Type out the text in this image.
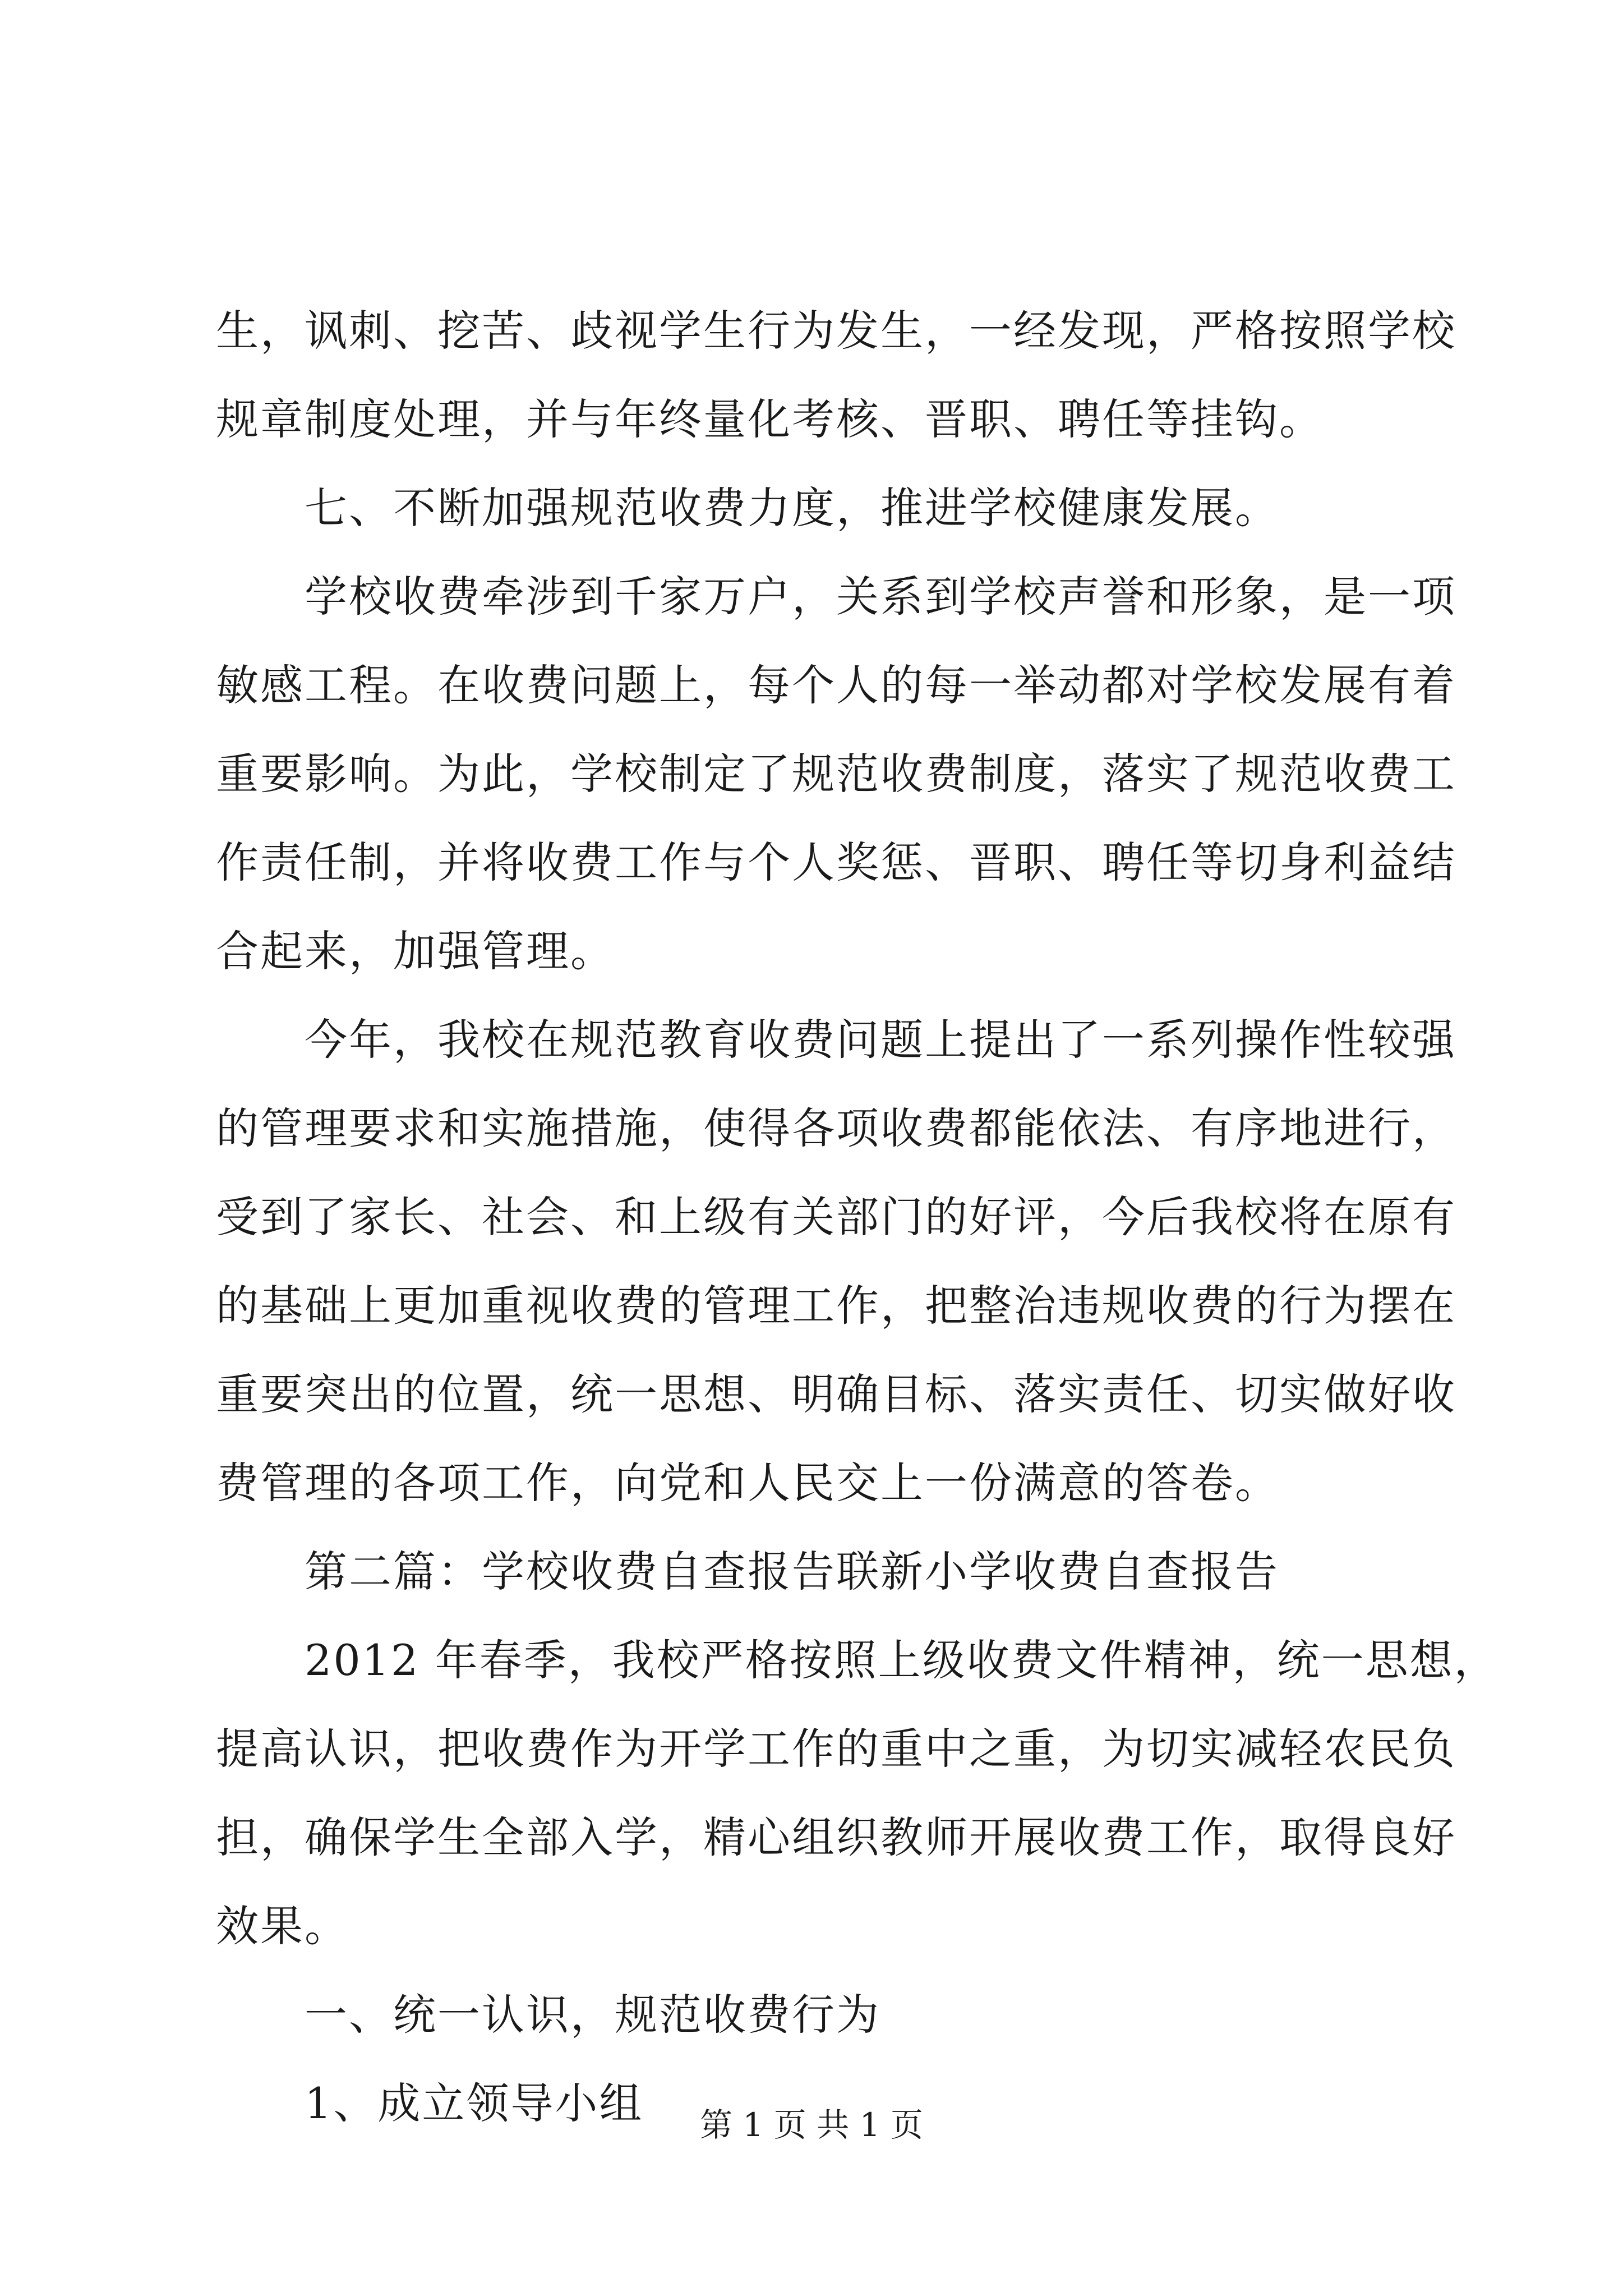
生，讽刺、挖苦、歧视学生行为发生，一经发现，严格按照学校
规章制度处理，并与年终量化考核、晋职、聘任等挂钩。
　　七、不断加强规范收费力度，推进学校健康发展。
　　学校收费牵涉到千家万户，关系到学校声誉和形象，是一项
敏感工程。在收费问题上，每个人的每一举动都对学校发展有着
重要影响。为此，学校制定了规范收费制度，落实了规范收费工
作责任制，并将收费工作与个人奖惩、晋职、聘任等切身利益结
合起来，加强管理。
　　今年，我校在规范教育收费问题上提出了一系列操作性较强
的管理要求和实施措施，使得各项收费都能依法、有序地进行，
受到了家长、社会、和上级有关部门的好评，今后我校将在原有
的基础上更加重视收费的管理工作，把整治违规收费的行为摆在
重要突出的位置，统一思想、明确目标、落实责任、切实做好收
费管理的各项工作，向党和人民交上一份满意的答卷。
　　第二篇：学校收费自查报告联新小学收费自查报告
　　2012 年春季，我校严格按照上级收费文件精神，统一思想，
提高认识，把收费作为开学工作的重中之重，为切实减轻农民负
担，确保学生全部入学，精心组织教师开展收费工作，取得良好
效果。
　　一、统一认识，规范收费行为
　　1、成立领导小组	第 1 页 共 1 页
